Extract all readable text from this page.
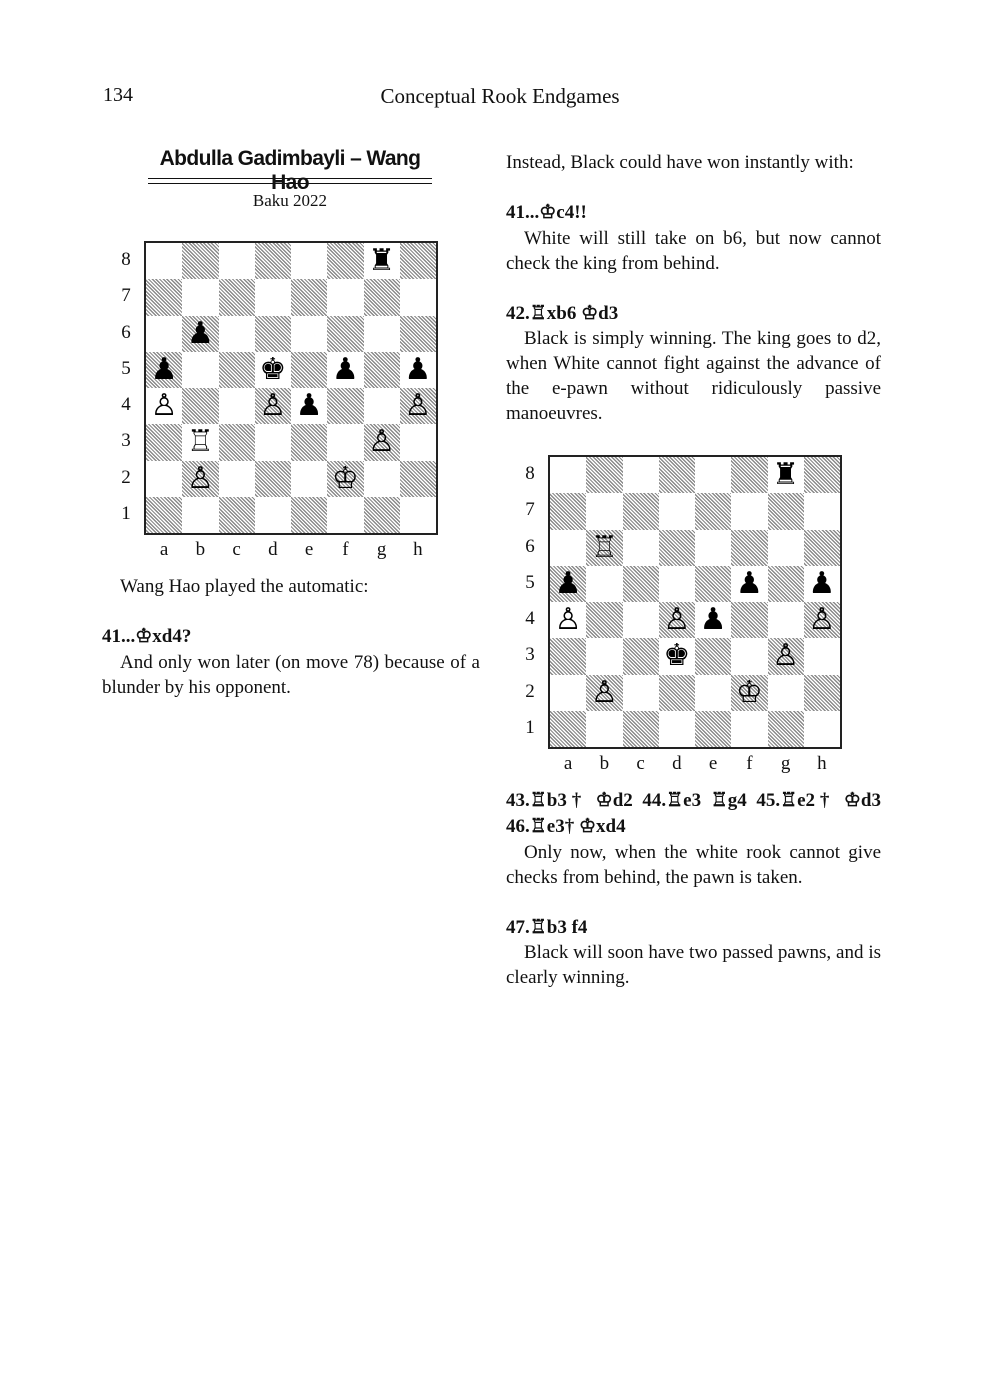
134	Conceptual Rook Endgames
Abdulla Gadimbayli – Wang Hao
Baku 2022
♜
♟
♟	♚ ♟ ♟
♙	♙ ♟	♙
♖	♙
♙	♔
8
7
6
5
4
3
2
1
a	b	c	d	e	f	g h
Wang Hao played the automatic:
41...♔xd4?
And only won later (on move 78) because of a blunder by his opponent.
Instead, Black could have won instantly with:
41...♔c4!!
White will still take on b6, but now cannot check the king from behind.
42.♖xb6 ♔d3
Black is simply winning. The king goes to d2, when White cannot fight against the advance of the e-pawn without ridiculously passive manoeuvres.
♜
♖
♟	♟ ♟
♙	♙ ♟	♙
♚	♙
♙	♔
8
7
6
5
4
3
2
1
a	b	c	d	e	f	g h
43.♖b3† ♔d2 44.♖e3 ♖g4 45.♖e2† ♔d3
46.♖e3† ♔xd4
Only now, when the white rook cannot give checks from behind, the pawn is taken.
47.♖b3 f4
Black will soon have two passed pawns, and is clearly winning.
